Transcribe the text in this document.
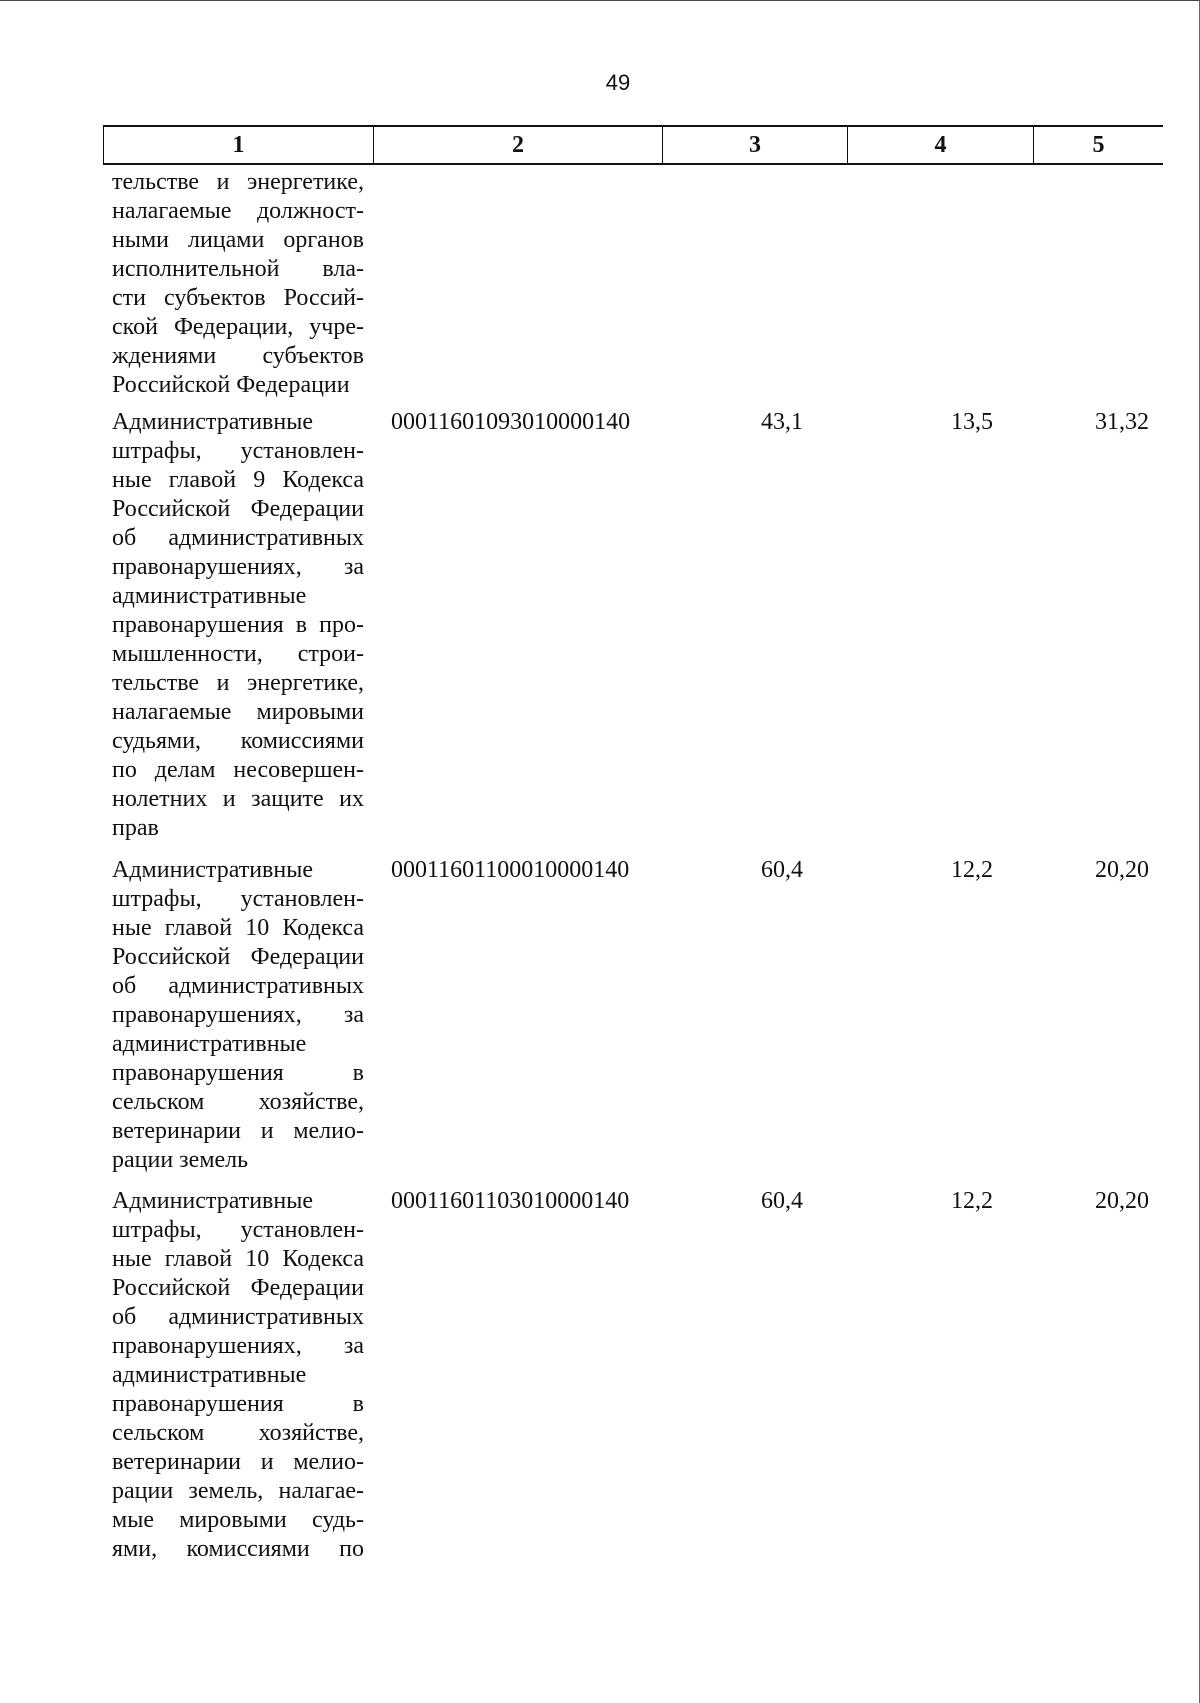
49
1	2	3	4	5
тельстве и энергетике,
налагаемые должност-
ными лицами органов
исполнительной вла-
сти субъектов Россий-
ской Федерации, учре-
ждениями субъектов
Российской Федерации
Административные
штрафы, установлен-
ные главой 9 Кодекса
Российской Федерации
об административных
правонарушениях, за
административные
правонарушения в про-
мышленности, строи-
тельстве и энергетике,
налагаемые мировыми
судьями, комиссиями
по делам несовершен-
нолетних и защите их
прав
00011601093010000140	43,1	13,5	31,32
Административные
штрафы, установлен-
ные главой 10 Кодекса
Российской Федерации
об административных
правонарушениях, за
административные
правонарушения в
сельском хозяйстве,
ветеринарии и мелио-
рации земель
00011601100010000140	60,4	12,2	20,20
Административные
штрафы, установлен-
ные главой 10 Кодекса
Российской Федерации
об административных
правонарушениях, за
административные
правонарушения в
сельском хозяйстве,
ветеринарии и мелио-
рации земель, налагае-
мые мировыми судь-
ями, комиссиями по
00011601103010000140	60,4	12,2	20,20
